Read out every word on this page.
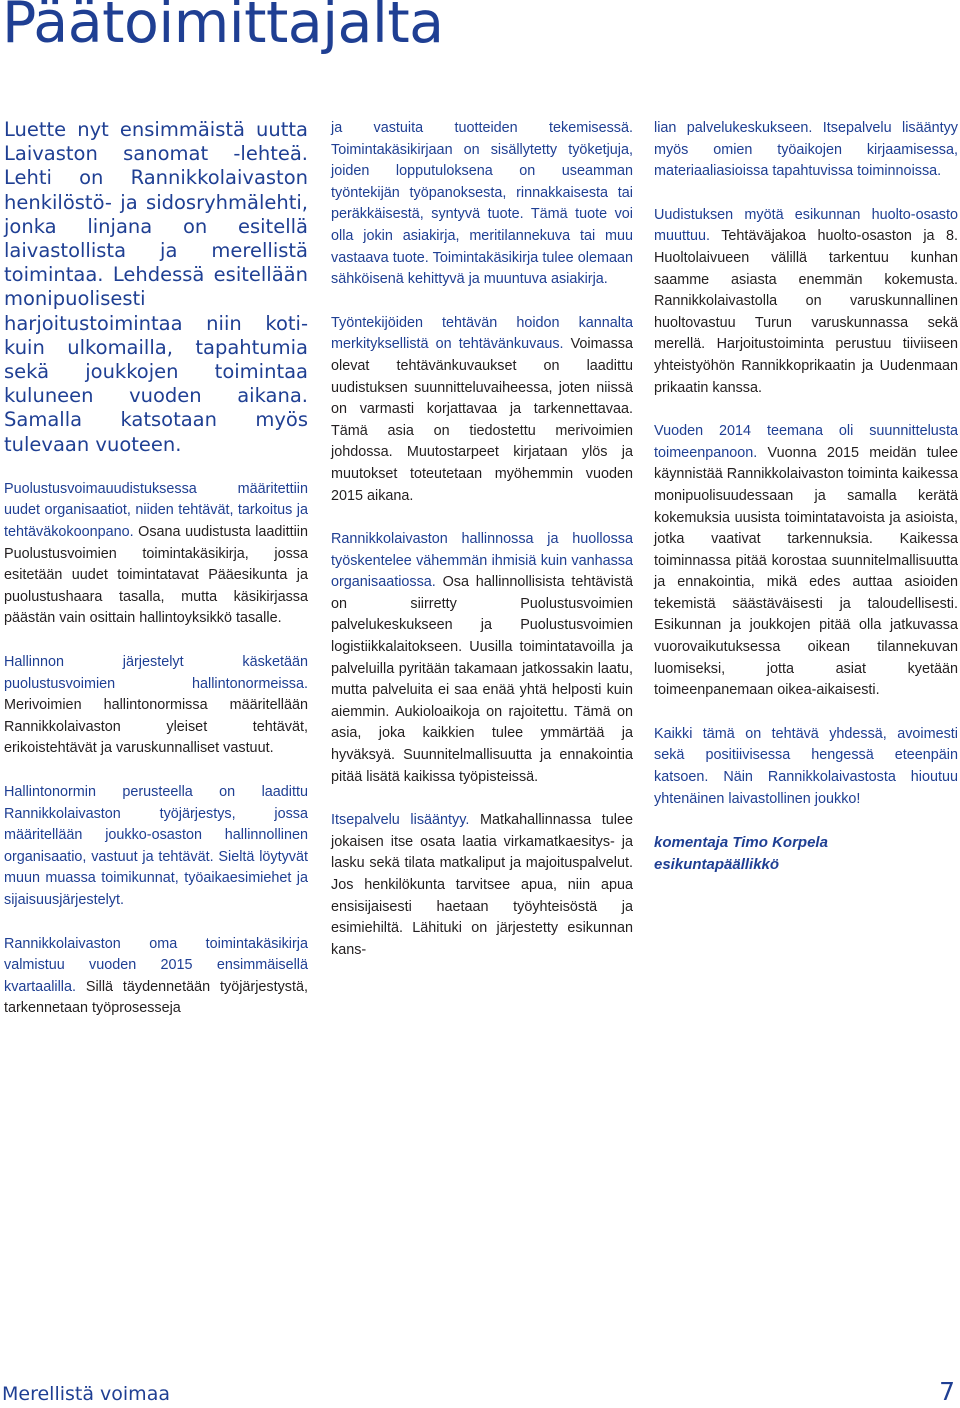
Päätoimittajalta

Luette nyt ensimmäistä uutta Laivaston sanomat -lehteä. Lehti on Rannikkolaivaston henkilöstö- ja sidosryhmälehti, jonka linjana on esitellä laivastollista ja merellistä toimintaa. Lehdessä esitellään monipuolisesti harjoitustoimintaa niin koti- kuin ulkomailla, tapahtumia sekä joukkojen toimintaa kuluneen vuoden aikana. Samalla katsotaan myös tulevaan vuoteen.

Puolustusvoimauudistuksessa määritettiin uudet organisaatiot, niiden tehtävät, tarkoitus ja tehtäväkokoonpano. Osana uudistusta laadittiin Puolustusvoimien toimintakäsikirja, jossa esitetään uudet toimintatavat Pääesikunta ja puolustushaara tasalla, mutta käsikirjassa päästän vain osittain hallintoyksikkö tasalle.

Hallinnon järjestelyt käsketään puolustusvoimien hallintonormeissa. Merivoimien hallintonormissa määritellään Rannikkolaivaston yleiset tehtävät, erikoistehtävät ja varuskunnalliset vastuut.

Hallintonormin perusteella on laadittu Rannikkolaivaston työjärjestys, jossa määritellään joukko-osaston hallinnollinen organisaatio, vastuut ja tehtävät. Sieltä löytyvät muun muassa toimikunnat, työaikaesimiehet ja sijaisuusjärjestelyt.

Rannikkolaivaston oma toimintakäsikirja valmistuu vuoden 2015 ensimmäisellä kvartaalilla. Sillä täydennetään työjärjestystä, tarkennetaan työprosesseja

ja vastuita tuotteiden tekemisessä. Toimintakäsikirjaan on sisällytetty työketjuja, joiden lopputuloksena on useamman työntekijän työpanoksesta, rinnakkaisesta tai peräkkäisestä, syntyvä tuote. Tämä tuote voi olla jokin asiakirja, meritilannekuva tai muu vastaava tuote. Toimintakäsikirja tulee olemaan sähköisenä kehittyvä ja muuntuva asiakirja.

Työntekijöiden tehtävän hoidon kannalta merkityksellistä on tehtävänkuvaus. Voimassa olevat tehtävänkuvaukset on laadittu uudistuksen suunnitteluvaiheessa, joten niissä on varmasti korjattavaa ja tarkennettavaa. Tämä asia on tiedostettu merivoimien johdossa. Muutostarpeet kirjataan ylös ja muutokset toteutetaan myöhemmin vuoden 2015 aikana.

Rannikkolaivaston hallinnossa ja huollossa työskentelee vähemmän ihmisiä kuin vanhassa organisaatiossa. Osa hallinnollisista tehtävistä on siirretty Puolustusvoimien palvelukeskukseen ja Puolustusvoimien logistiikkalaitokseen. Uusilla toimintatavoilla ja palveluilla pyritään takamaan jatkossakin laatu, mutta palveluita ei saa enää yhtä helposti kuin aiemmin. Aukioloaikoja on rajoitettu. Tämä on asia, joka kaikkien tulee ymmärtää ja hyväksyä. Suunnitelmallisuutta ja ennakointia pitää lisätä kaikissa työpisteissä.

Itsepalvelu lisääntyy. Matkahallinnassa tulee jokaisen itse osata laatia virkamatkaesitys- ja lasku sekä tilata matkaliput ja majoituspalvelut. Jos henkilökunta tarvitsee apua, niin apua ensisijaisesti haetaan työyhteisöstä ja esimiehiltä. Lähituki on järjestetty esikunnan kans-

lian palvelukeskukseen. Itsepalvelu lisääntyy myös omien työaikojen kirjaamisessa, materiaaliasioissa tapahtuvissa toiminnoissa.

Uudistuksen myötä esikunnan huolto-osasto muuttuu. Tehtäväjakoa huolto-osaston ja 8. Huoltolaivueen välillä tarkentuu kunhan saamme asiasta enemmän kokemusta. Rannikkolaivastolla on varuskunnallinen huoltovastuu Turun varuskunnassa sekä merellä. Harjoitustoiminta perustuu tiiviiseen yhteistyöhön Rannikkoprikaatin ja Uudenmaan prikaatin kanssa.

Vuoden 2014 teemana oli suunnittelusta toimeenpanoon. Vuonna 2015 meidän tulee käynnistää Rannikkolaivaston toiminta kaikessa monipuolisuudessaan ja samalla kerätä kokemuksia uusista toimintatavoista ja asioista, jotka vaativat tarkennuksia. Kaikessa toiminnassa pitää korostaa suunnitelmallisuutta ja ennakointia, mikä edes auttaa asioiden tekemistä säästäväisesti ja taloudellisesti. Esikunnan ja joukkojen pitää olla jatkuvassa vuorovaikutuksessa oikean tilannekuvan luomiseksi, jotta asiat kyetään toimeenpanemaan oikea-aikaisesti.

Kaikki tämä on tehtävä yhdessä, avoimesti sekä positiivisessa hengessä eteenpäin katsoen. Näin Rannikkolaivastosta hioutuu yhtenäinen laivastollinen joukko!

komentaja Timo Korpela
esikuntapäällikkö

Merellistä voimaa	7
